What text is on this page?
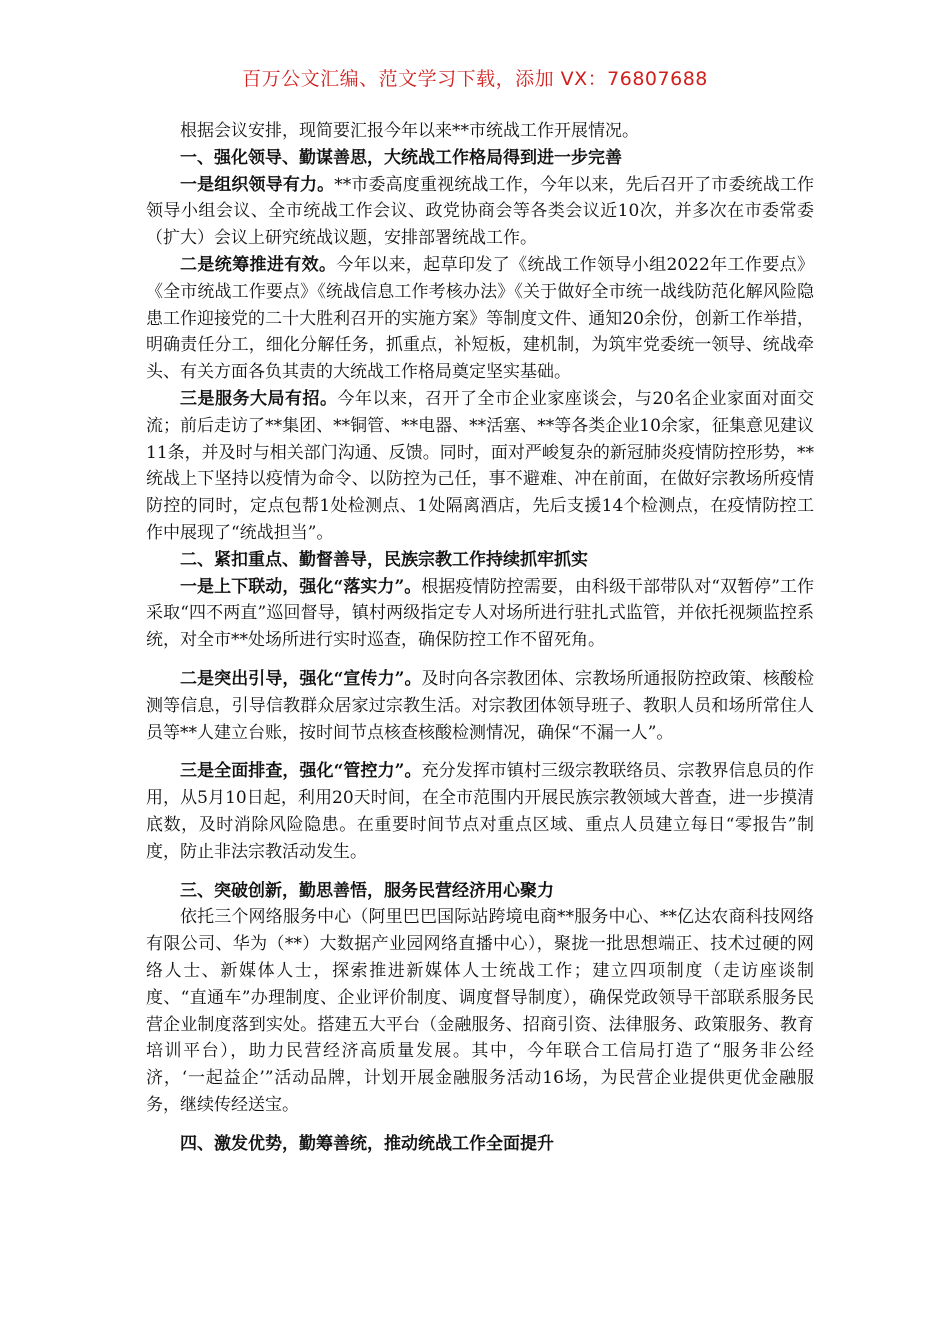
百万公文汇编、范文学习下载，添加 VX：76807688

根据会议安排，现简要汇报今年以来**市统战工作开展情况。

一、强化领导、勤谋善思，大统战工作格局得到进一步完善

一是组织领导有力。**市委高度重视统战工作，今年以来，先后召开了市委统战工作领导小组会议、全市统战工作会议、政党协商会等各类会议近10次，并多次在市委常委（扩大）会议上研究统战议题，安排部署统战工作。

二是统筹推进有效。今年以来，起草印发了《统战工作领导小组2022年工作要点》《全市统战工作要点》《统战信息工作考核办法》《关于做好全市统一战线防范化解风险隐患工作迎接党的二十大胜利召开的实施方案》等制度文件、通知20余份，创新工作举措，明确责任分工，细化分解任务，抓重点，补短板，建机制，为筑牢党委统一领导、统战牵头、有关方面各负其责的大统战工作格局奠定坚实基础。

三是服务大局有招。今年以来，召开了全市企业家座谈会，与20名企业家面对面交流；前后走访了**集团、**铜管、**电器、**活塞、**等各类企业10余家，征集意见建议11条，并及时与相关部门沟通、反馈。同时，面对严峻复杂的新冠肺炎疫情防控形势，**统战上下坚持以疫情为命令、以防控为己任，事不避难、冲在前面，在做好宗教场所疫情防控的同时，定点包帮1处检测点、1处隔离酒店，先后支援14个检测点，在疫情防控工作中展现了“统战担当”。

二、紧扣重点、勤督善导，民族宗教工作持续抓牢抓实

一是上下联动，强化“落实力”。根据疫情防控需要，由科级干部带队对“双暂停”工作采取“四不两直”巡回督导，镇村两级指定专人对场所进行驻扎式监管，并依托视频监控系统，对全市**处场所进行实时巡查，确保防控工作不留死角。

二是突出引导，强化“宣传力”。及时向各宗教团体、宗教场所通报防控政策、核酸检测等信息，引导信教群众居家过宗教生活。对宗教团体领导班子、教职人员和场所常住人员等**人建立台账，按时间节点核查核酸检测情况，确保“不漏一人”。

三是全面排查，强化“管控力”。充分发挥市镇村三级宗教联络员、宗教界信息员的作用，从5月10日起，利用20天时间，在全市范围内开展民族宗教领域大普查，进一步摸清底数，及时消除风险隐患。在重要时间节点对重点区域、重点人员建立每日“零报告”制度，防止非法宗教活动发生。

三、突破创新，勤思善悟，服务民营经济用心聚力

依托三个网络服务中心（阿里巴巴国际站跨境电商**服务中心、**亿达农商科技网络有限公司、华为（**）大数据产业园网络直播中心），聚拢一批思想端正、技术过硬的网络人士、新媒体人士，探索推进新媒体人士统战工作；建立四项制度（走访座谈制度、“直通车”办理制度、企业评价制度、调度督导制度），确保党政领导干部联系服务民营企业制度落到实处。搭建五大平台（金融服务、招商引资、法律服务、政策服务、教育培训平台），助力民营经济高质量发展。其中，今年联合工信局打造了“服务非公经济，‘一起益企’”活动品牌，计划开展金融服务活动16场，为民营企业提供更优金融服务，继续传经送宝。

四、激发优势，勤筹善统，推动统战工作全面提升
